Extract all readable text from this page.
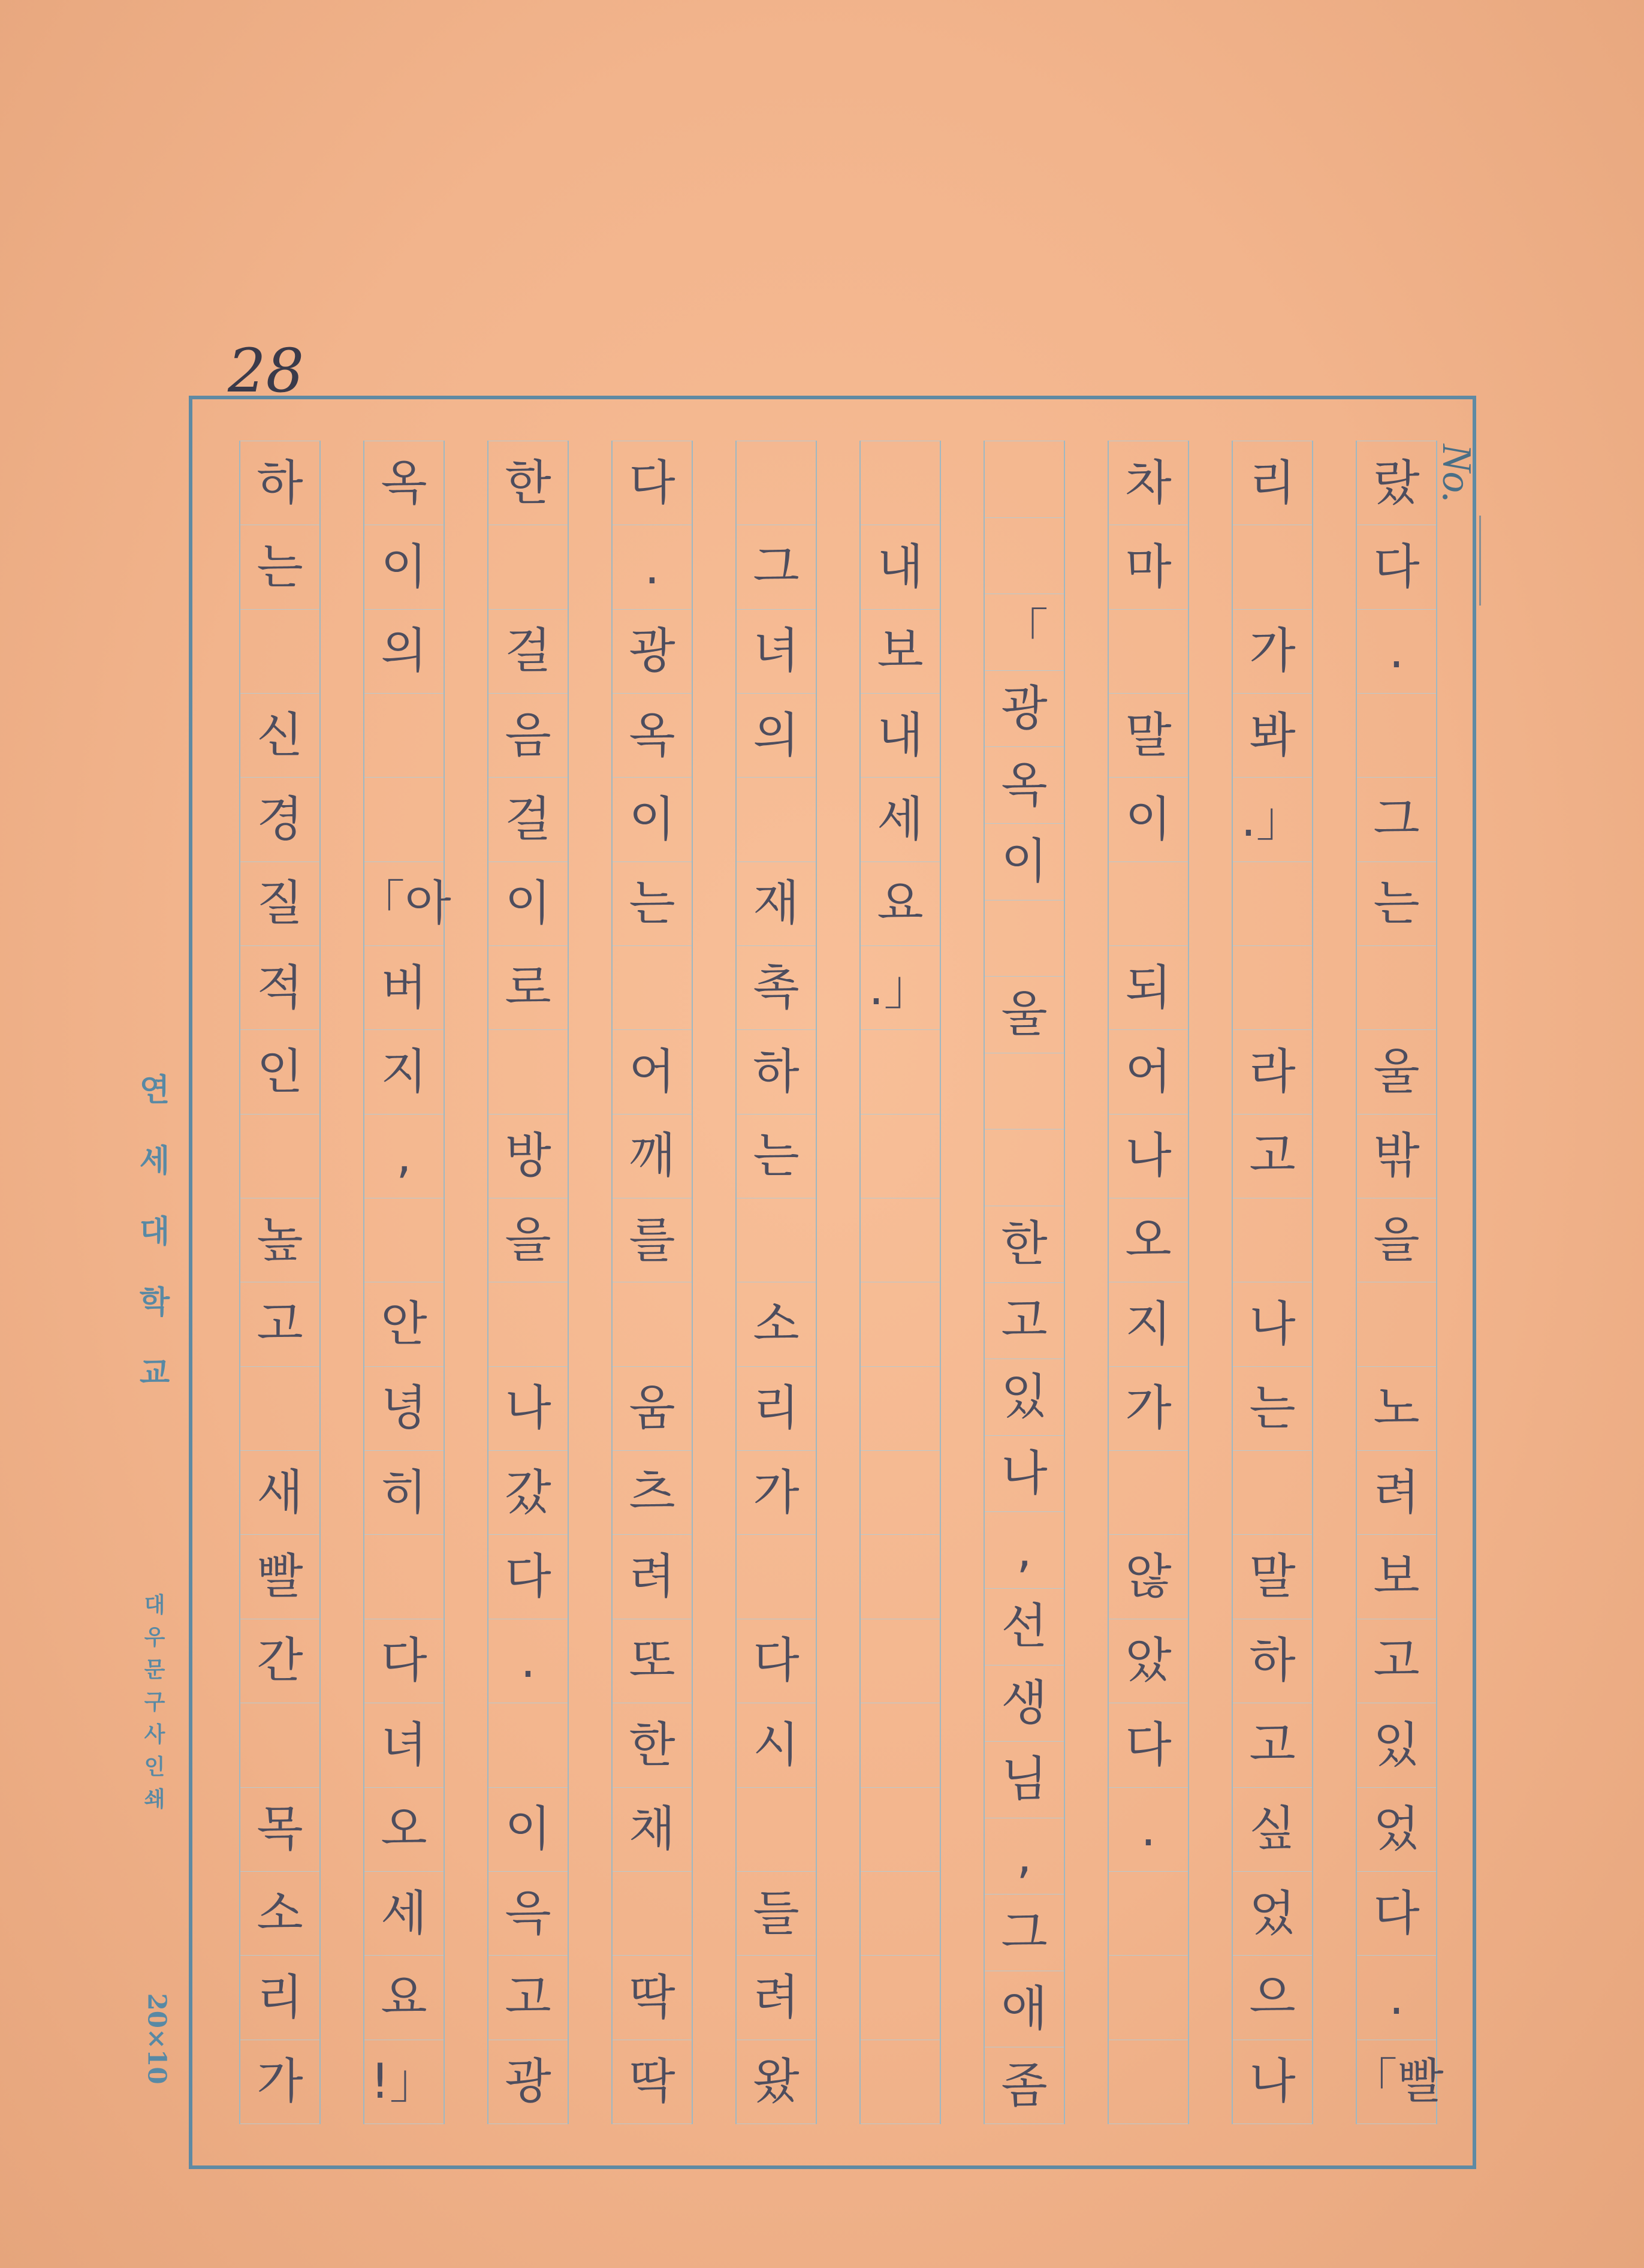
28
No.
연
세
대
학
교
대
우
문
구
사
인
쇄
20×10
랐
다
.
그
는
울
밖
을
노
려
보
고
있
었
다
.
「빨
리
가
봐
.」
라
고
나
는
말
하
고
싶
었
으
나
차
마
말
이
되
어
나
오
지
가
않
았
다
.
「
광
옥
이
울
한
고
있
나
,
선
생
님
,
그
애
좀
내
보
내
세
요
.」
그
녀
의
재
촉
하
는
소
리
가
다
시
들
려
왔
다
.
광
옥
이
는
어
깨
를
움
츠
려
또
한
채
딱
딱
한
걸
음
걸
이
로
방
을
나
갔
다
.
이
윽
고
광
옥
이
의
「아
버
지
,
안
녕
히
다
녀
오
세
요
!」
하
는
신
경
질
적
인
높
고
새
빨
간
목
소
리
가
